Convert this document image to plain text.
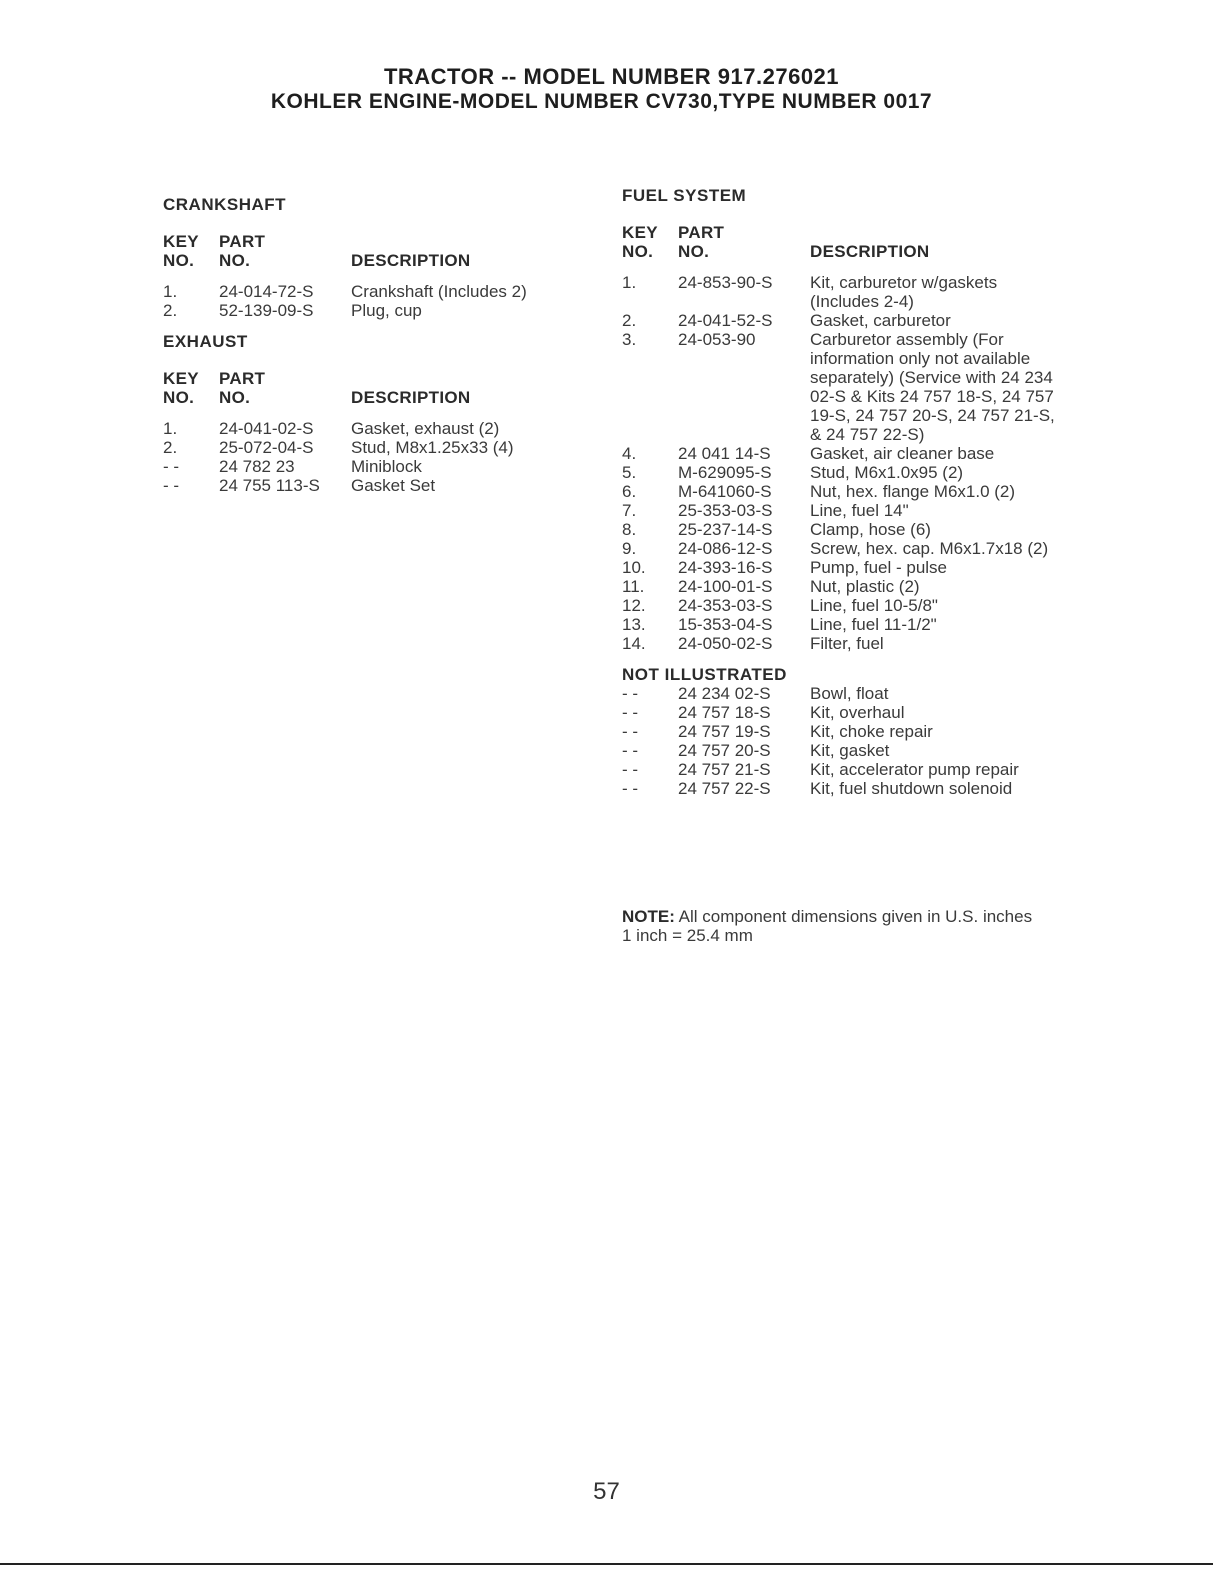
TRACTOR -- MODEL NUMBER 917.276021
KOHLER ENGINE-MODEL NUMBER CV730,TYPE NUMBER 0017
CRANKSHAFT
KEY
NO.
PART
NO.	DESCRIPTION
1.	24-014-72-S	Crankshaft (Includes 2)
2.	52-139-09-S	Plug, cup
EXHAUST
KEY
NO.
PART
NO.	DESCRIPTION
1.	24-041-02-S	Gasket, exhaust (2)
2.	25-072-04-S	Stud, M8x1.25x33 (4)
- -	24 782 23	Miniblock
- -	24 755 113-S	Gasket Set
FUEL SYSTEM
KEY
NO.
PART
NO.	DESCRIPTION
1.	24-853-90-S	Kit, carburetor w/gaskets (Includes 2-4)
2.	24-041-52-S	Gasket, carburetor
3.	24-053-90	Carburetor assembly (For information only not available separately) (Service with 24 234 02-S & Kits 24 757 18-S, 24 757 19-S, 24 757 20-S, 24 757 21-S, & 24 757 22-S)
4.	24 041 14-S	Gasket, air cleaner base
5.	M-629095-S	Stud, M6x1.0x95 (2)
6.	M-641060-S	Nut, hex. flange M6x1.0 (2)
7.	25-353-03-S	Line, fuel 14"
8.	25-237-14-S	Clamp, hose (6)
9.	24-086-12-S	Screw, hex. cap. M6x1.7x18 (2)
10.	24-393-16-S	Pump, fuel - pulse
11.	24-100-01-S	Nut, plastic (2)
12.	24-353-03-S	Line, fuel 10-5/8"
13.	15-353-04-S	Line, fuel 11-1/2"
14.	24-050-02-S	Filter, fuel
NOT ILLUSTRATED
- -	24 234 02-S	Bowl, float
- -	24 757 18-S	Kit, overhaul
- -	24 757 19-S	Kit, choke repair
- -	24 757 20-S	Kit, gasket
- -	24 757 21-S	Kit, accelerator pump repair
- -	24 757 22-S	Kit, fuel shutdown solenoid
NOTE: All component dimensions given in U.S. inches 1 inch = 25.4 mm
57
